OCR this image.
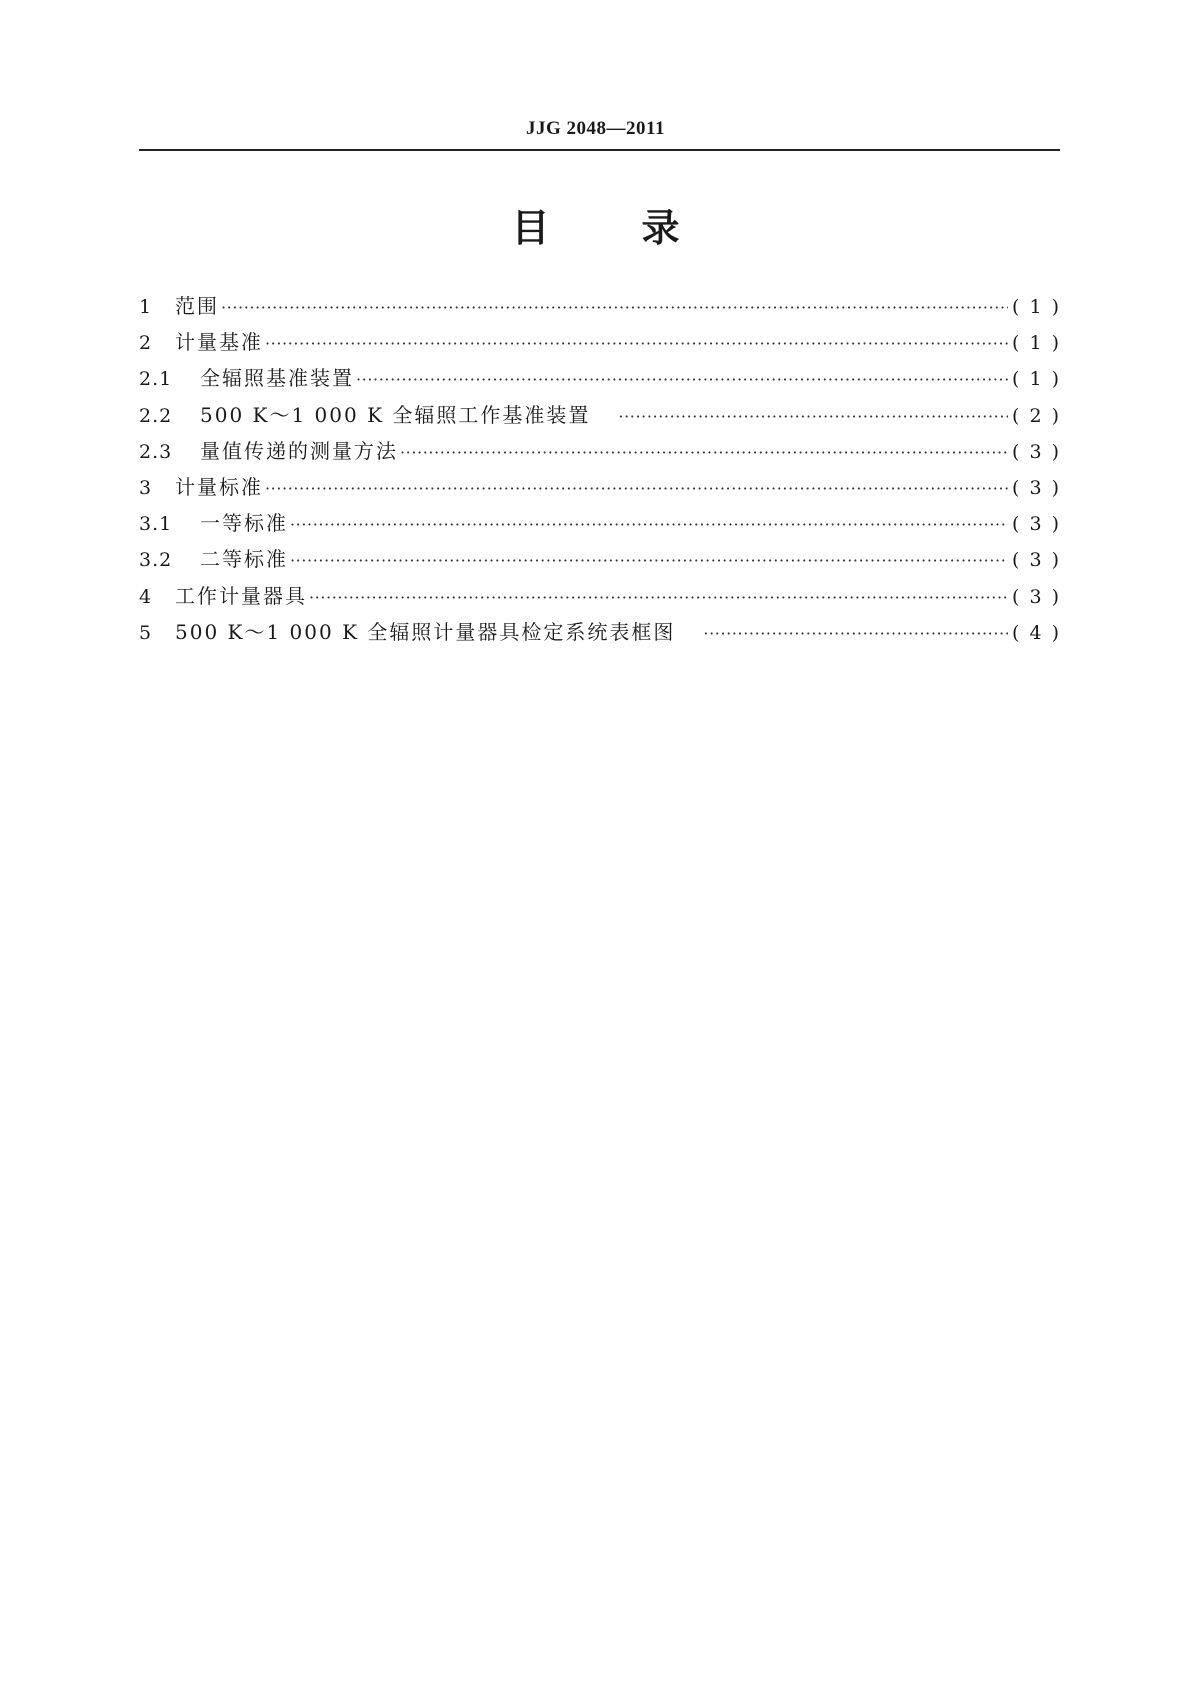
JJG 2048—2011
目 录
1	范围 ·····	( 1 )
2	计量基准 ·····	( 1 )
2.1	全辐照基准装置 ·····	( 1 )
2.2	500 K～1 000 K 全辐照工作基准装置 ·····	( 2 )
2.3	量值传递的测量方法 ·····	( 3 )
3	计量标准 ·····	( 3 )
3.1	一等标准 ·····	( 3 )
3.2	二等标准 ·····	( 3 )
4	工作计量器具 ·····	( 3 )
5	500 K～1 000 K 全辐照计量器具检定系统表框图 ·····	( 4 )
